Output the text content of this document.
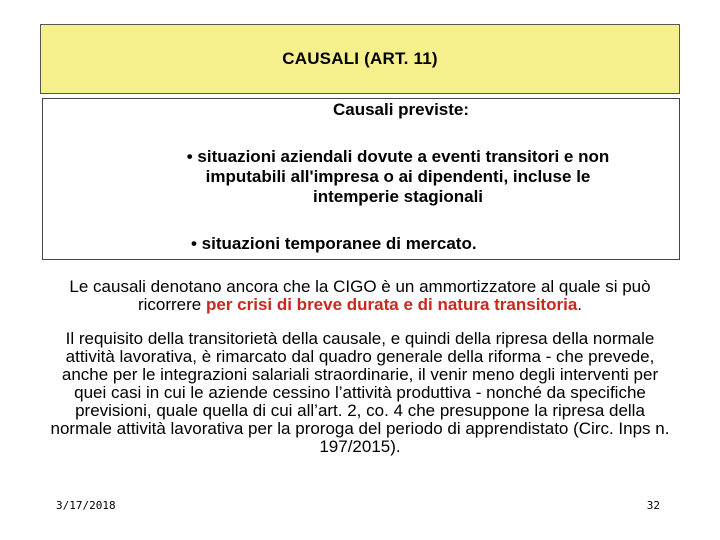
CAUSALI (ART. 11)
Causali previste:
• situazioni aziendali dovute a eventi transitori e non imputabili all'impresa o ai dipendenti, incluse le intemperie stagionali
• situazioni temporanee di mercato.
Le causali denotano ancora che la CIGO è un ammortizzatore al quale si può ricorrere per crisi di breve durata e di natura transitoria.
Il requisito della transitorietà della causale, e quindi della ripresa della normale attività lavorativa, è rimarcato dal quadro generale della riforma - che prevede, anche per le integrazioni salariali straordinarie, il venir meno degli interventi per quei casi in cui le aziende cessino l’attività produttiva - nonché da specifiche previsioni, quale quella di cui all’art. 2, co. 4 che presuppone la ripresa della normale attività lavorativa per la proroga del periodo di apprendistato (Circ. Inps n. 197/2015).
3/17/2018	32
